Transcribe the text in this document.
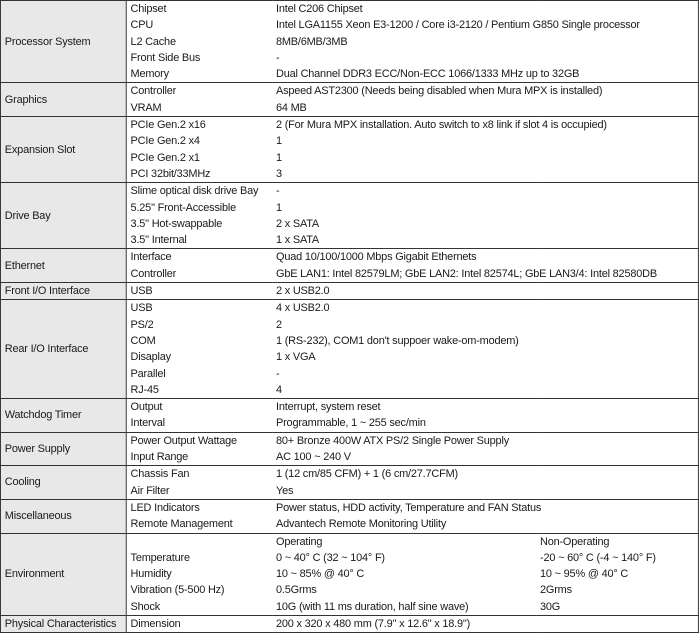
Processor System	Chipset	Intel C206 Chipset	
	CPU	Intel LGA1155 Xeon E3-1200 / Core i3-2120 / Pentium G850 Single processor	
	L2 Cache	8MB/6MB/3MB	
	Front Side Bus	-	
	Memory	Dual Channel DDR3 ECC/Non-ECC 1066/1333 MHz up to 32GB	
Graphics	Controller	Aspeed AST2300 (Needs being disabled when Mura MPX is installed)	
	VRAM	64 MB	
Expansion Slot	PCIe Gen.2 x16	2 (For Mura MPX installation. Auto switch to x8 link if slot 4 is occupied)	
	PCIe Gen.2 x4	1	
	PCIe Gen.2 x1	1	
	PCI 32bit/33MHz	3	
Drive Bay	Slime optical disk drive Bay	-	
	5.25" Front-Accessible	1	
	3.5" Hot-swappable	2 x SATA	
	3.5" Internal	1 x SATA	
Ethernet	Interface	Quad 10/100/1000 Mbps Gigabit Ethernets	
	Controller	GbE LAN1: Intel 82579LM; GbE LAN2: Intel 82574L; GbE LAN3/4: Intel 82580DB	
Front I/O Interface	USB	2 x USB2.0	
Rear I/O Interface	USB	4 x USB2.0	
	PS/2	2	
	COM	1 (RS-232), COM1 don't suppoer wake-om-modem)	
	Disaplay	1 x VGA	
	Parallel	-	
	RJ-45	4	
Watchdog Timer	Output	Interrupt, system reset	
	Interval	Programmable, 1 ~ 255 sec/min	
Power Supply	Power Output Wattage	80+ Bronze 400W ATX PS/2 Single Power Supply	
	Input Range	AC 100 ~ 240 V	
Cooling	Chassis Fan	1 (12 cm/85 CFM) + 1 (6 cm/27.7CFM)	
	Air Filter	Yes	
Miscellaneous	LED Indicators	Power status, HDD activity, Temperature and FAN Status	
	Remote Management	Advantech Remote Monitoring Utility	
Environment		Operating	Non-Operating
	Temperature	0 ~ 40° C (32 ~ 104° F)	-20 ~ 60° C (-4 ~ 140° F)
	Humidity	10 ~ 85% @ 40° C	10 ~ 95% @ 40° C
	Vibration (5-500 Hz)	0.5Grms	2Grms
	Shock	10G (with 11 ms duration, half sine wave)	30G
Physical Characteristics	Dimension	200 x 320 x 480 mm (7.9" x 12.6" x 18.9")	
